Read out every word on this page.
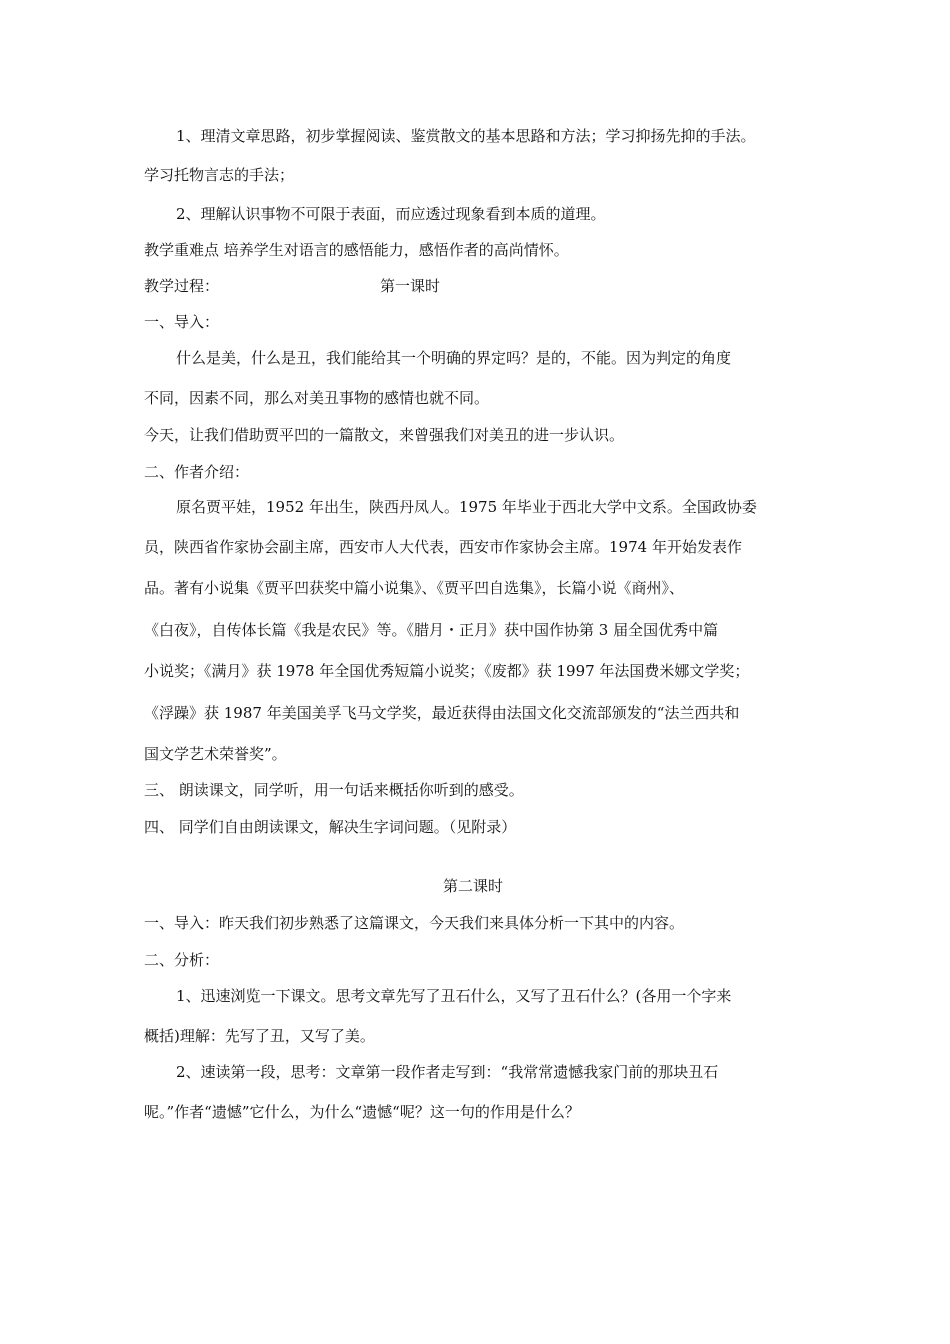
1、理清文章思路，初步掌握阅读、鉴赏散文的基本思路和方法；学习抑扬先抑的手法。
学习托物言志的手法；
2、理解认识事物不可限于表面，而应透过现象看到本质的道理。
教学重难点 培养学生对语言的感悟能力，感悟作者的高尚情怀。
教学过程：	第一课时
一、导入：
什么是美，什么是丑，我们能给其一个明确的界定吗？是的，不能。因为判定的角度
不同，因素不同，那么对美丑事物的感情也就不同。
今天，让我们借助贾平凹的一篇散文，来曾强我们对美丑的进一步认识。
二、作者介绍：
原名贾平娃，1952 年出生，陕西丹凤人。1975 年毕业于西北大学中文系。全国政协委
员，陕西省作家协会副主席，西安市人大代表，西安市作家协会主席。1974 年开始发表作
品。著有小说集《贾平凹获奖中篇小说集》、《贾平凹自选集》，长篇小说《商州》、
《白夜》，自传体长篇《我是农民》等。《腊月・正月》获中国作协第 3 届全国优秀中篇
小说奖；《满月》获 1978 年全国优秀短篇小说奖；《废都》获 1997 年法国费米娜文学奖；
《浮躁》获 1987 年美国美孚飞马文学奖，最近获得由法国文化交流部颁发的“法兰西共和
国文学艺术荣誉奖”。
三、 朗读课文，同学听，用一句话来概括你听到的感受。
四、 同学们自由朗读课文，解决生字词问题。（见附录）
第二课时
一、导入：昨天我们初步熟悉了这篇课文，今天我们来具体分析一下其中的内容。
二、分析：
1、迅速浏览一下课文。思考文章先写了丑石什么，又写了丑石什么？(各用一个字来
概括)理解：先写了丑，又写了美。
2、速读第一段，思考：文章第一段作者走写到：“我常常遗憾我家门前的那块丑石
呢。”作者“遗憾”它什么，为什么“遗憾“呢？这一句的作用是什么？
